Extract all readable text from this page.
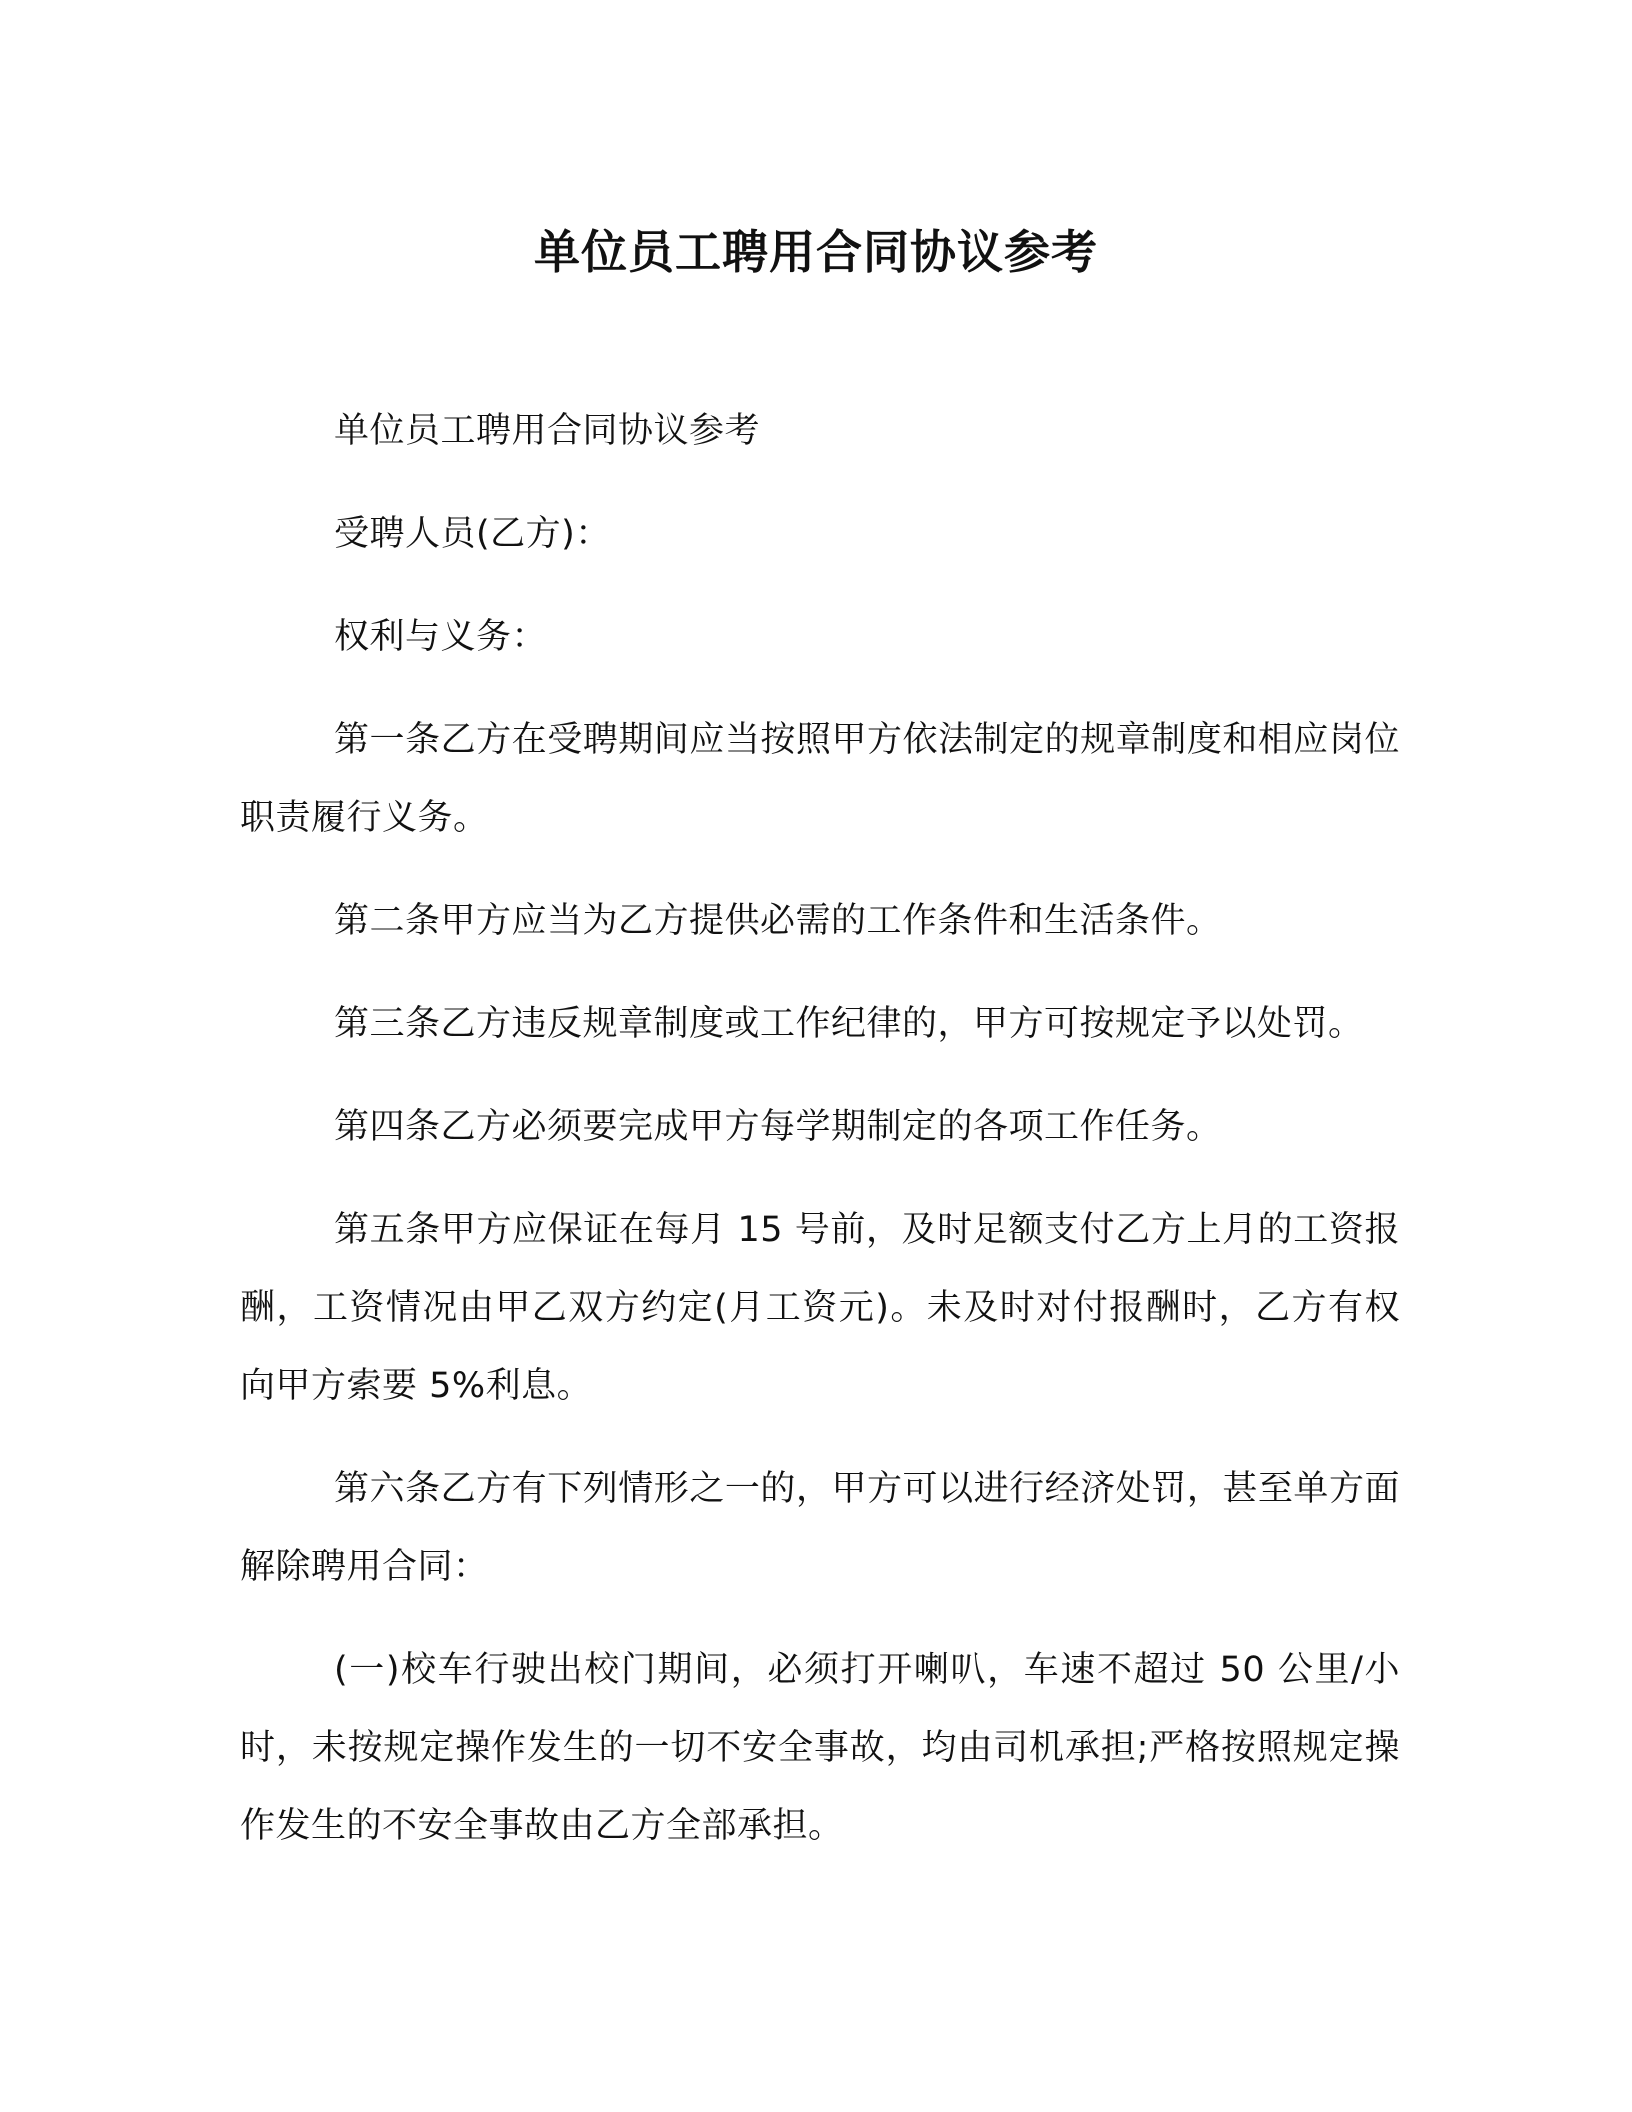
单位员工聘用合同协议参考

单位员工聘用合同协议参考

受聘人员(乙方)：

权利与义务：

第一条乙方在受聘期间应当按照甲方依法制定的规章制度和相应岗位职责履行义务。

第二条甲方应当为乙方提供必需的工作条件和生活条件。

第三条乙方违反规章制度或工作纪律的，甲方可按规定予以处罚。

第四条乙方必须要完成甲方每学期制定的各项工作任务。

第五条甲方应保证在每月 15 号前，及时足额支付乙方上月的工资报酬，工资情况由甲乙双方约定(月工资元)。未及时对付报酬时，乙方有权向甲方索要 5%利息。

第六条乙方有下列情形之一的，甲方可以进行经济处罚，甚至单方面解除聘用合同：

(一)校车行驶出校门期间，必须打开喇叭，车速不超过 50 公里/小时，未按规定操作发生的一切不安全事故，均由司机承担;严格按照规定操作发生的不安全事故由乙方全部承担。
